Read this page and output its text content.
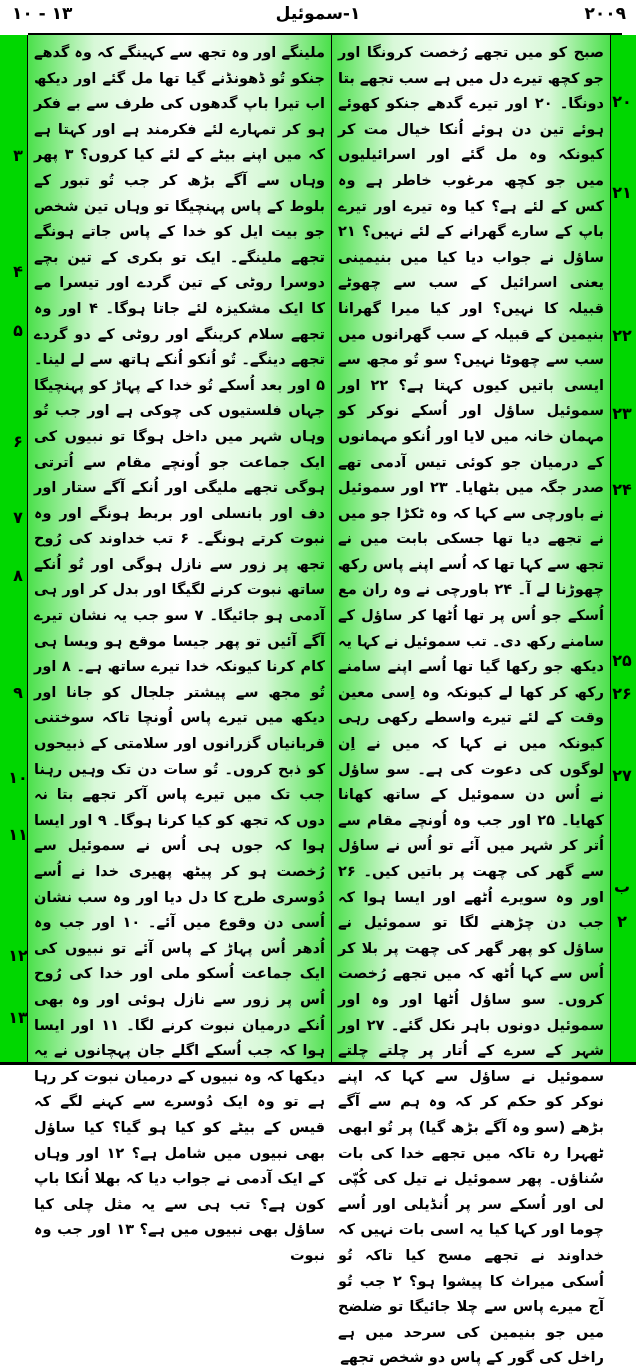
۱۰ - ۱۳	۱-سموئیل	۲۰۰۹

صبح کو میں تجھے رُخصت کرونگا اور جو کچھ تیرے دل میں ہے سب تجھے بتا دونگا۔ ۲۰ اور تیرے گدھے جنکو کھوئے ہوئے تین دن ہوئے اُنکا خیال مت کر کیونکہ وہ مل گئے اور اسرائیلیوں میں جو کچھ مرغوب خاطر ہے وہ کس کے لئے ہے؟ کیا وہ تیرے اور تیرے باپ کے سارے گھرانے کے لئے نہیں؟ ۲۱ ساؤل نے جواب دیا کیا میں بنیمینی یعنی اسرائیل کے سب سے چھوٹے قبیلہ کا نہیں؟ اور کیا میرا گھرانا بنیمین کے قبیلہ کے سب گھرانوں میں سب سے چھوٹا نہیں؟ سو تُو مجھ سے ایسی باتیں کیوں کہتا ہے؟ ۲۲ اور سموئیل ساؤل اور اُسکے نوکر کو مہمان خانہ میں لایا اور اُنکو مہمانوں کے درمیان جو کوئی تیس آدمی تھے صدر جگہ میں بٹھایا۔ ۲۳ اور سموئیل نے باورچی سے کہا کہ وہ ٹکڑا جو میں نے تجھے دیا تھا جسکی بابت میں نے تجھ سے کہا تھا کہ اُسے اپنے پاس رکھ چھوڑنا لے آ۔ ۲۴ باورچی نے وہ ران مع اُسکے جو اُس پر تھا اُٹھا کر ساؤل کے سامنے رکھ دی۔ تب سموئیل نے کہا یہ دیکھ جو رکھا گیا تھا اُسے اپنے سامنے رکھ کر کھا لے کیونکہ وہ اِسی معین وقت کے لئے تیرے واسطے رکھی رہی کیونکہ میں نے کہا کہ میں نے اِن لوگوں کی دعوت کی ہے۔ سو ساؤل نے اُس دن سموئیل کے ساتھ کھانا کھایا۔ ۲۵ اور جب وہ اُونچے مقام سے اُتر کر شہر میں آئے تو اُس نے ساؤل سے گھر کی چھت پر باتیں کیں۔ ۲۶ اور وہ سویرے اُٹھے اور ایسا ہوا کہ جب دن چڑھنے لگا تو سموئیل نے ساؤل کو پھر گھر کی چھت پر بلا کر اُس سے کہا اُٹھ کہ میں تجھے رُخصت کروں۔ سو ساؤل اُٹھا اور وہ اور سموئیل دونوں باہر نکل گئے۔ ۲۷ اور شہر کے سرے کے اُتار پر چلتے چلتے سموئیل نے ساؤل سے کہا کہ اپنے نوکر کو حکم کر کہ وہ ہم سے آگے بڑھے (سو وہ آگے بڑھ گیا) پر تُو ابھی ٹھہرا رہ تاکہ میں تجھے خدا کی بات سُناؤں۔ پھر سموئیل نے تیل کی کُپّی لی اور اُسکے سر پر اُنڈیلی اور اُسے چوما اور کہا کیا یہ اسی بات نہیں کہ خداوند نے تجھے مسح کیا تاکہ تُو اُسکی میراث کا پیشوا ہو؟ ۲ جب تُو آج میرے پاس سے چلا جائیگا تو ضلضح میں جو بنیمین کی سرحد میں ہے راخل کی گور کے پاس دو شخص تجھے

ملینگے اور وہ تجھ سے کہینگے کہ وہ گدھے جنکو تُو ڈھونڈنے گیا تھا مل گئے اور دیکھ اب تیرا باپ گدھوں کی طرف سے بے فکر ہو کر تمہارے لئے فکرمند ہے اور کہتا ہے کہ میں اپنے بیٹے کے لئے کیا کروں؟ ۳ پھر وہاں سے آگے بڑھ کر جب تُو تبور کے بلوط کے پاس پہنچیگا تو وہاں تین شخص جو بیت ایل کو خدا کے پاس جاتے ہونگے تجھے ملینگے۔ ایک تو بکری کے تین بچے دوسرا روٹی کے تین گردے اور تیسرا مے کا ایک مشکیزہ لئے جاتا ہوگا۔ ۴ اور وہ تجھے سلام کرینگے اور روٹی کے دو گردے تجھے دینگے۔ تُو اُنکو اُنکے ہاتھ سے لے لینا۔ ۵ اور بعد اُسکے تُو خدا کے پہاڑ کو پہنچیگا جہاں فلستیوں کی چوکی ہے اور جب تُو وہاں شہر میں داخل ہوگا تو نبیوں کی ایک جماعت جو اُونچے مقام سے اُترتی ہوگی تجھے ملیگی اور اُنکے آگے ستار اور دف اور بانسلی اور بربط ہونگے اور وہ نبوت کرتے ہونگے۔ ۶ تب خداوند کی رُوح تجھ پر زور سے نازل ہوگی اور تُو اُنکے ساتھ نبوت کرنے لگیگا اور بدل کر اور ہی آدمی ہو جائیگا۔ ۷ سو جب یہ نشان تیرے آگے آئیں تو پھر جیسا موقع ہو ویسا ہی کام کرنا کیونکہ خدا تیرے ساتھ ہے۔ ۸ اور تُو مجھ سے پیشتر جلجال کو جانا اور دیکھ میں تیرے پاس اُونچا تاکہ سوختنی قربانیاں گزرانوں اور سلامتی کے ذبیحوں کو ذبح کروں۔ تُو سات دن تک وہیں رہنا جب تک میں تیرے پاس آکر تجھے بتا نہ دوں کہ تجھ کو کیا کرنا ہوگا۔ ۹ اور ایسا ہوا کہ جوں ہی اُس نے سموئیل سے رُخصت ہو کر پیٹھ پھیری خدا نے اُسے دُوسری طرح کا دل دیا اور وہ سب نشان اُسی دن وقوع میں آئے۔ ۱۰ اور جب وہ اُدھر اُس پہاڑ کے پاس آئے تو نبیوں کی ایک جماعت اُسکو ملی اور خدا کی رُوح اُس پر زور سے نازل ہوئی اور وہ بھی اُنکے درمیان نبوت کرنے لگا۔ ۱۱ اور ایسا ہوا کہ جب اُسکے اگلے جان پہچانوں نے یہ دیکھا کہ وہ نبیوں کے درمیان نبوت کر رہا ہے تو وہ ایک دُوسرے سے کہنے لگے کہ قیس کے بیٹے کو کیا ہو گیا؟ کیا ساؤل بھی نبیوں میں شامل ہے؟ ۱۲ اور وہاں کے ایک آدمی نے جواب دیا کہ بھلا اُنکا باپ کون ہے؟ تب ہی سے یہ مثل چلی کیا ساؤل بھی نبیوں میں ہے؟ ۱۳ اور جب وہ نبوت

۲۰
۲۱
۲۲
۲۳
۲۴
۲۵
۲۶
۲۷
ب
۲
۳
۴
۵
۶
۷
۸
۹
۱۰
۱۱
۱۲
۱۳
